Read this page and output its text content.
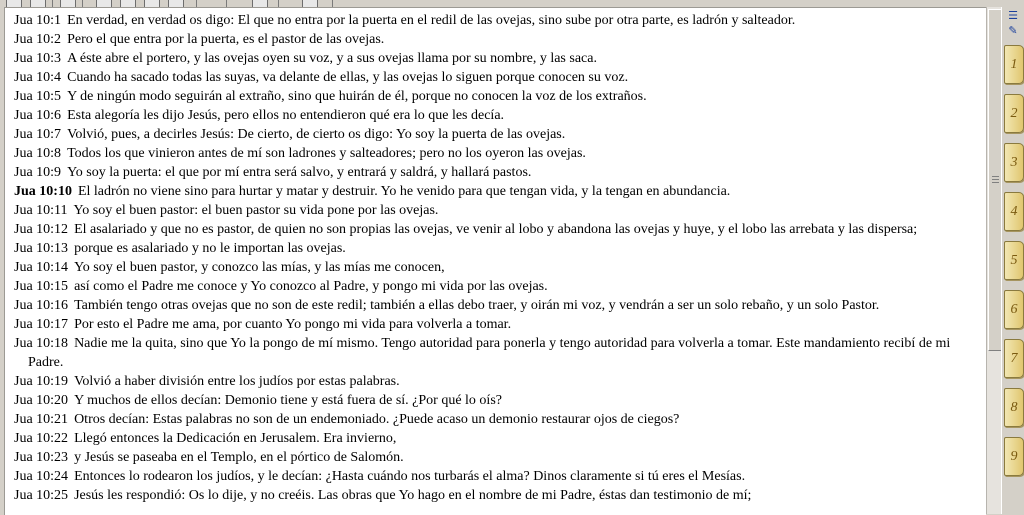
Jua 10:1 En verdad, en verdad os digo: El que no entra por la puerta en el redil de las ovejas, sino sube por otra parte, es ladrón y salteador.
Jua 10:2 Pero el que entra por la puerta, es el pastor de las ovejas.
Jua 10:3 A éste abre el portero, y las ovejas oyen su voz, y a sus ovejas llama por su nombre, y las saca.
Jua 10:4 Cuando ha sacado todas las suyas, va delante de ellas, y las ovejas lo siguen porque conocen su voz.
Jua 10:5 Y de ningún modo seguirán al extraño, sino que huirán de él, porque no conocen la voz de los extraños.
Jua 10:6 Esta alegoría les dijo Jesús, pero ellos no entendieron qué era lo que les decía.
Jua 10:7 Volvió, pues, a decirles Jesús: De cierto, de cierto os digo: Yo soy la puerta de las ovejas.
Jua 10:8 Todos los que vinieron antes de mí son ladrones y salteadores; pero no los oyeron las ovejas.
Jua 10:9 Yo soy la puerta: el que por mí entra será salvo, y entrará y saldrá, y hallará pastos.
Jua 10:10 El ladrón no viene sino para hurtar y matar y destruir. Yo he venido para que tengan vida, y la tengan en abundancia.
Jua 10:11 Yo soy el buen pastor: el buen pastor su vida pone por las ovejas.
Jua 10:12 El asalariado y que no es pastor, de quien no son propias las ovejas, ve venir al lobo y abandona las ovejas y huye, y el lobo las arrebata y las dispersa;
Jua 10:13 porque es asalariado y no le importan las ovejas.
Jua 10:14 Yo soy el buen pastor, y conozco las mías, y las mías me conocen,
Jua 10:15 así como el Padre me conoce y Yo conozco al Padre, y pongo mi vida por las ovejas.
Jua 10:16 También tengo otras ovejas que no son de este redil; también a ellas debo traer, y oirán mi voz, y vendrán a ser un solo rebaño, y un solo Pastor.
Jua 10:17 Por esto el Padre me ama, por cuanto Yo pongo mi vida para volverla a tomar.
Jua 10:18 Nadie me la quita, sino que Yo la pongo de mí mismo. Tengo autoridad para ponerla y tengo autoridad para volverla a tomar. Este mandamiento recibí de mi Padre.
Jua 10:19 Volvió a haber división entre los judíos por estas palabras.
Jua 10:20 Y muchos de ellos decían: Demonio tiene y está fuera de sí. ¿Por qué lo oís?
Jua 10:21 Otros decían: Estas palabras no son de un endemoniado. ¿Puede acaso un demonio restaurar ojos de ciegos?
Jua 10:22 Llegó entonces la Dedicación en Jerusalem. Era invierno,
Jua 10:23 y Jesús se paseaba en el Templo, en el pórtico de Salomón.
Jua 10:24 Entonces lo rodearon los judíos, y le decían: ¿Hasta cuándo nos turbarás el alma? Dinos claramente si tú eres el Mesías.
Jua 10:25 Jesús les respondió: Os lo dije, y no creéis. Las obras que Yo hago en el nombre de mi Padre, éstas dan testimonio de mí;
☰
✎
1
2
3
4
5
6
7
8
9
